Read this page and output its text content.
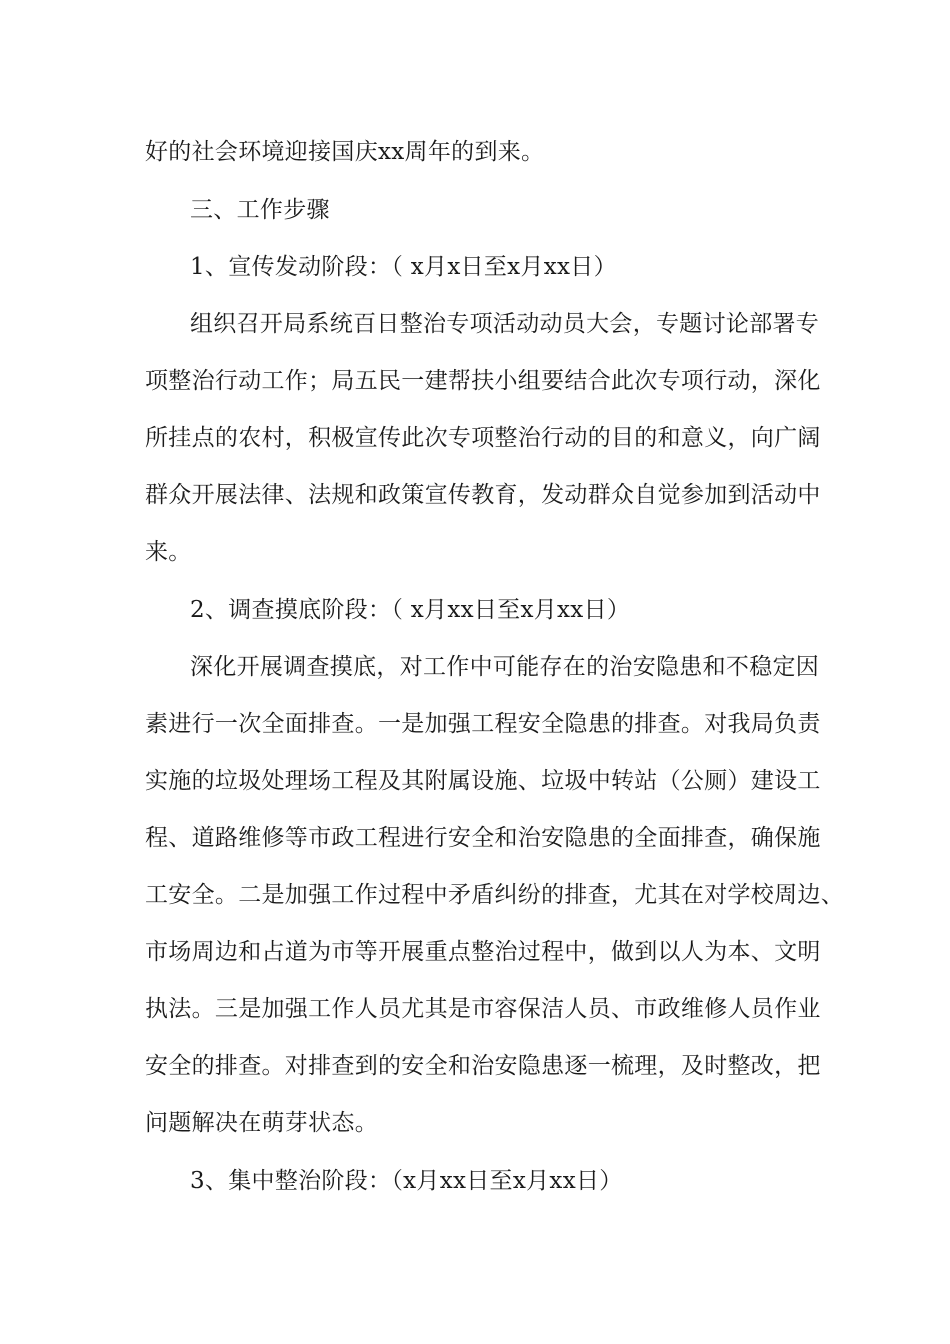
好的社会环境迎接国庆xx周年的到来。
三、工作步骤
1、宣传发动阶段：（ x月x日至x月xx日）
组织召开局系统百日整治专项活动动员大会，专题讨论部署专
项整治行动工作；局五民一建帮扶小组要结合此次专项行动，深化
所挂点的农村，积极宣传此次专项整治行动的目的和意义，向广阔
群众开展法律、法规和政策宣传教育，发动群众自觉参加到活动中
来。
2、调查摸底阶段：（ x月xx日至x月xx日）
深化开展调查摸底，对工作中可能存在的治安隐患和不稳定因
素进行一次全面排查。一是加强工程安全隐患的排查。对我局负责
实施的垃圾处理场工程及其附属设施、垃圾中转站（公厕）建设工
程、道路维修等市政工程进行安全和治安隐患的全面排查，确保施
工安全。二是加强工作过程中矛盾纠纷的排查，尤其在对学校周边、
市场周边和占道为市等开展重点整治过程中，做到以人为本、文明
执法。三是加强工作人员尤其是市容保洁人员、市政维修人员作业
安全的排查。对排查到的安全和治安隐患逐一梳理，及时整改，把
问题解决在萌芽状态。
3、集中整治阶段：（x月xx日至x月xx日）
